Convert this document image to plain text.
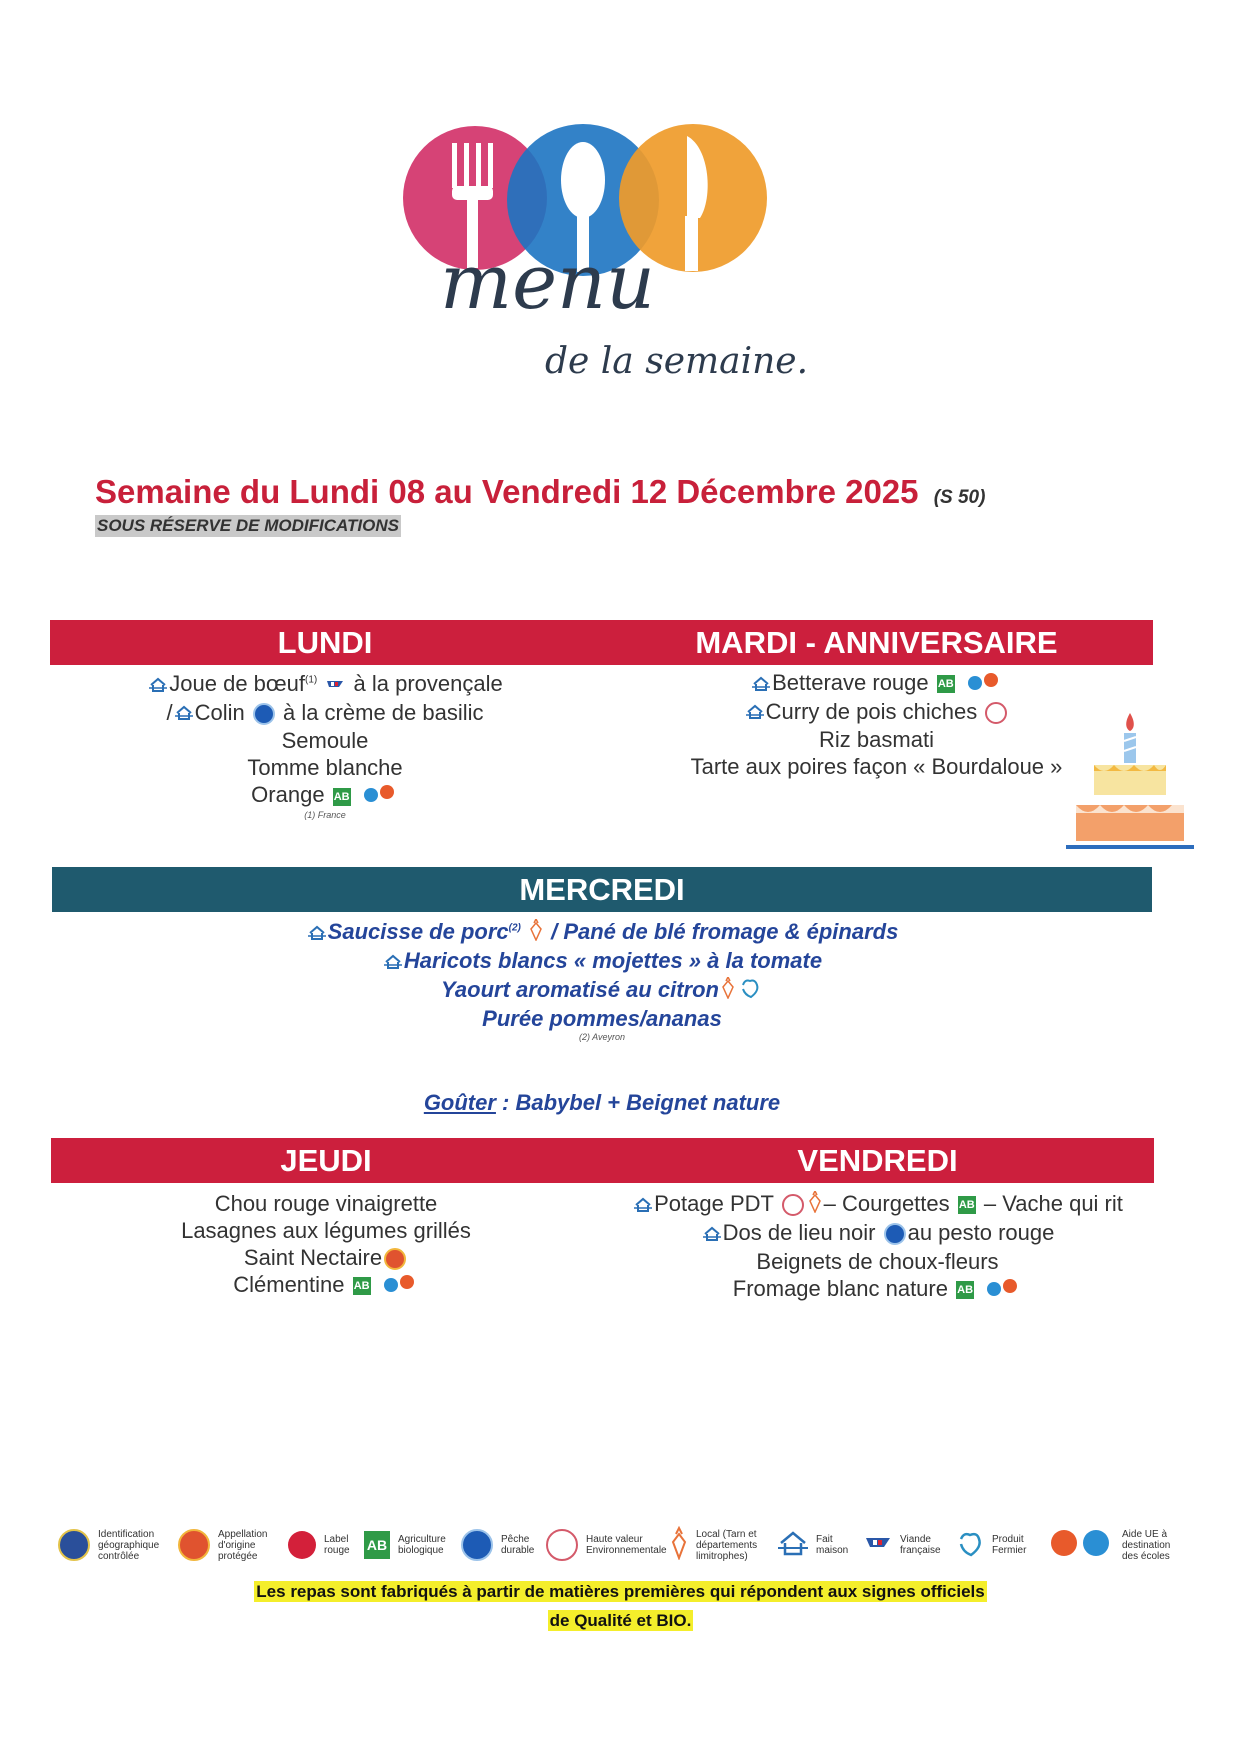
menu
de la semaine.
Semaine du Lundi 08 au Vendredi 12 Décembre 2025 (S 50)
SOUS RÉSERVE DE MODIFICATIONS
LUNDI	MARDI - ANNIVERSAIRE
Joue de bœuf$^{(1)}$  à la provençale
/ Colin  à la crème de basilic
Semoule
Tomme blanche
Orange AB
(1) France
Betterave rouge AB
Curry de pois chiches
Riz basmati
Tarte aux poires façon « Bourdaloue »
MERCREDI
Saucisse de porc$^{(2)}$  / Pané de blé fromage & épinards
Haricots blancs « mojettes » à la tomate
Yaourt aromatisé au citron
Purée pommes/ananas
(2) Aveyron
Goûter : Babybel + Beignet nature
JEUDI	VENDREDI
Chou rouge vinaigrette
Lasagnes aux légumes grillés
Saint Nectaire
Clémentine AB
Potage PDT – Courgettes AB – Vache qui rit
Dos de lieu noir au pesto rouge
Beignets de choux-fleurs
Fromage blanc nature AB
Identification
géographique
contrôlée
Appellation
d'origine
protégée
Label
rouge AB Agriculture
biologique
Pêche
durable
Haute valeur
Environnementale
Local (Tarn et
départements
limitrophes)
Fait
maison
Viande
française
Produit
Fermier
Aide UE à
destination
des écoles
Les repas sont fabriqués à partir de matières premières qui répondent aux signes officiels
de Qualité et BIO.
